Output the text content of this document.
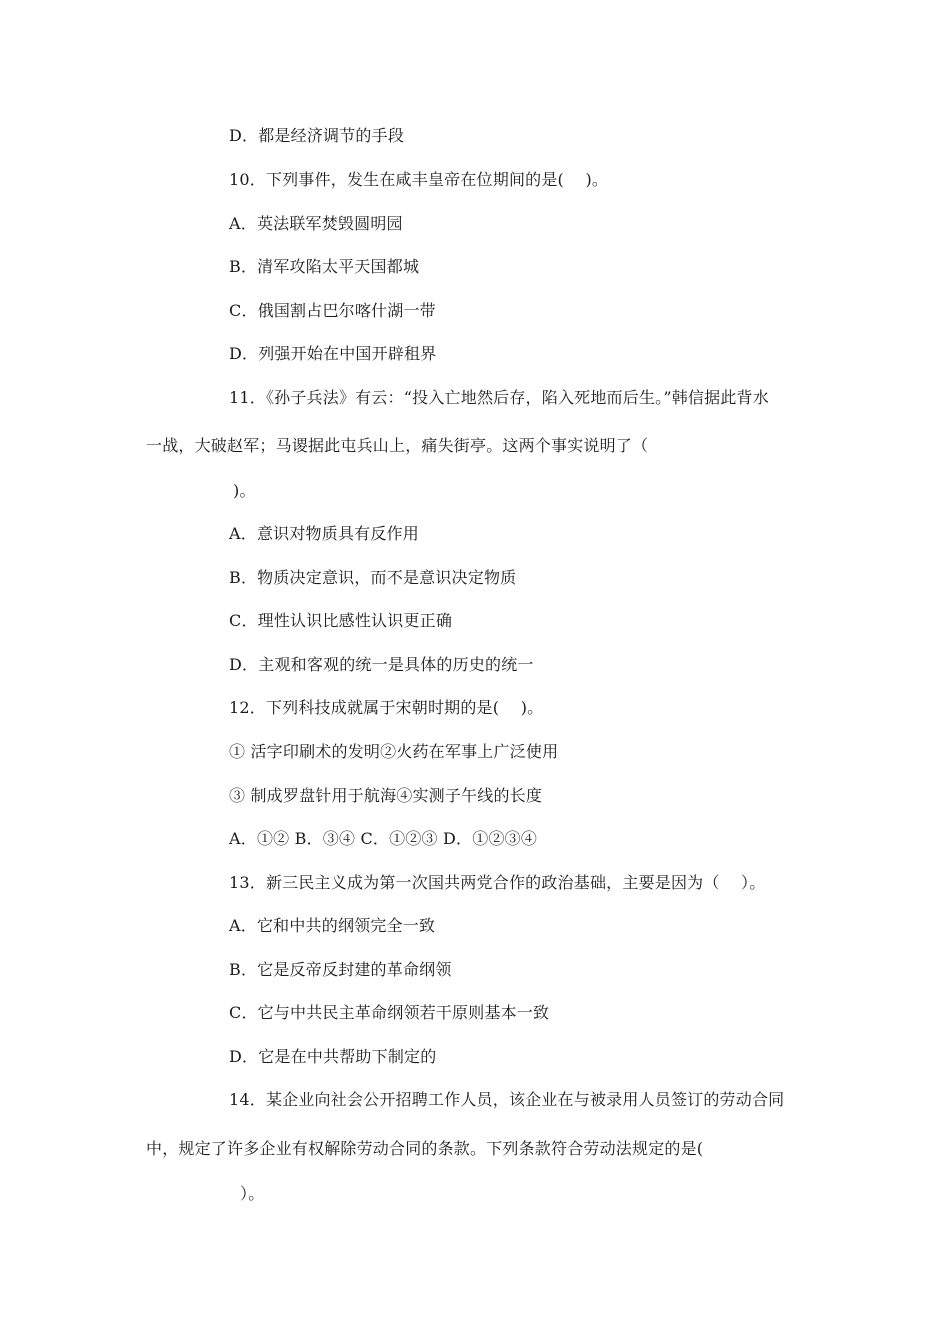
D．都是经济调节的手段
10．下列事件，发生在咸丰皇帝在位期间的是(　 )。
A．英法联军焚毁圆明园
B．清军攻陷太平天国都城
C．俄国割占巴尔喀什湖一带
D．列强开始在中国开辟租界
11．《孙子兵法》有云：“投入亡地然后存，陷入死地而后生。”韩信据此背水
一战，大破赵军；马谡据此屯兵山上，痛失街亭。这两个事实说明了（
)。
A．意识对物质具有反作用
B．物质决定意识，而不是意识决定物质
C．理性认识比感性认识更正确
D．主观和客观的统一是具体的历史的统一
12．下列科技成就属于宋朝时期的是(　 )。
① 活字印刷术的发明②火药在军事上广泛使用
③ 制成罗盘针用于航海④实测子午线的长度
A．①② B．③④ C．①②③ D．①②③④
13．新三民主义成为第一次国共两党合作的政治基础，主要是因为（　 ）。
A．它和中共的纲领完全一致
B．它是反帝反封建的革命纲领
C．它与中共民主革命纲领若干原则基本一致
D．它是在中共帮助下制定的
14．某企业向社会公开招聘工作人员，该企业在与被录用人员签订的劳动合同
中，规定了许多企业有权解除劳动合同的条款。下列条款符合劳动法规定的是(
）。
